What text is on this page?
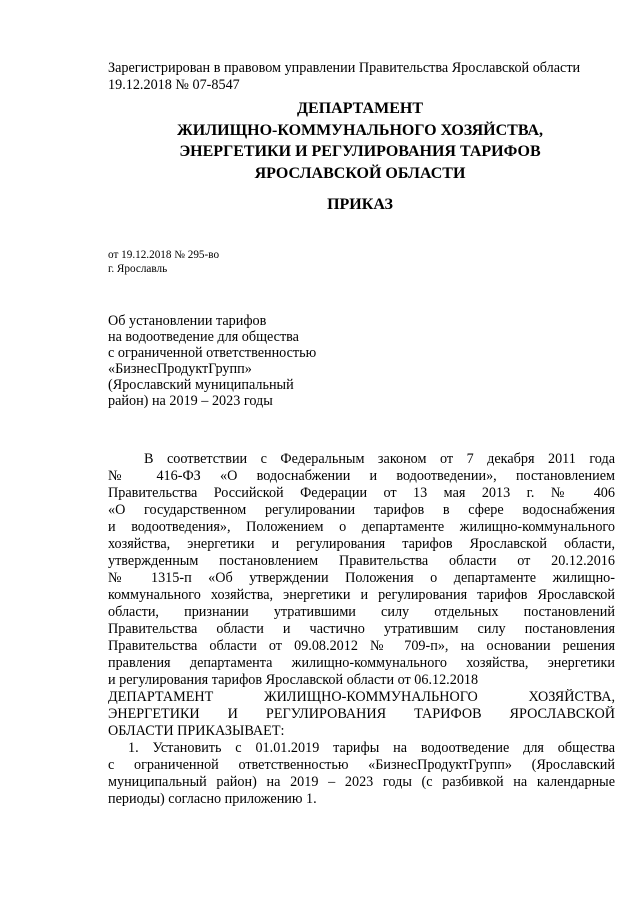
Зарегистрирован в правовом управлении Правительства Ярославской области
19.12.2018 № 07-8547
ДЕПАРТАМЕНТ
ЖИЛИЩНО-КОММУНАЛЬНОГО ХОЗЯЙСТВА,
ЭНЕРГЕТИКИ И РЕГУЛИРОВАНИЯ ТАРИФОВ
ЯРОСЛАВСКОЙ ОБЛАСТИ
ПРИКАЗ
от 19.12.2018 № 295-во
г. Ярославль
Об установлении тарифов
на водоотведение для общества
с ограниченной ответственностью
«БизнесПродуктГрупп»
(Ярославский муниципальный
район) на 2019 – 2023 годы
В соответствии с Федеральным законом от 7 декабря 2011 года
№ 416-ФЗ «О водоснабжении и водоотведении», постановлением
Правительства Российской Федерации от 13 мая 2013 г. № 406
«О государственном регулировании тарифов в сфере водоснабжения
и водоотведения», Положением о департаменте жилищно-коммунального
хозяйства, энергетики и регулирования тарифов Ярославской области,
утвержденным постановлением Правительства области от 20.12.2016
№ 1315-п «Об утверждении Положения о департаменте жилищно-
коммунального хозяйства, энергетики и регулирования тарифов Ярославской
области, признании утратившими силу отдельных постановлений
Правительства области и частично утратившим силу постановления
Правительства области от 09.08.2012 № 709-п», на основании решения
правления департамента жилищно-коммунального хозяйства, энергетики
и регулирования тарифов Ярославской области от 06.12.2018
ДЕПАРТАМЕНТ ЖИЛИЩНО-КОММУНАЛЬНОГО ХОЗЯЙСТВА,
ЭНЕРГЕТИКИ И РЕГУЛИРОВАНИЯ ТАРИФОВ ЯРОСЛАВСКОЙ
ОБЛАСТИ ПРИКАЗЫВАЕТ:
1. Установить с 01.01.2019 тарифы на водоотведение для общества
с ограниченной ответственностью «БизнесПродуктГрупп» (Ярославский
муниципальный район) на 2019 – 2023 годы (с разбивкой на календарные
периоды) согласно приложению 1.
